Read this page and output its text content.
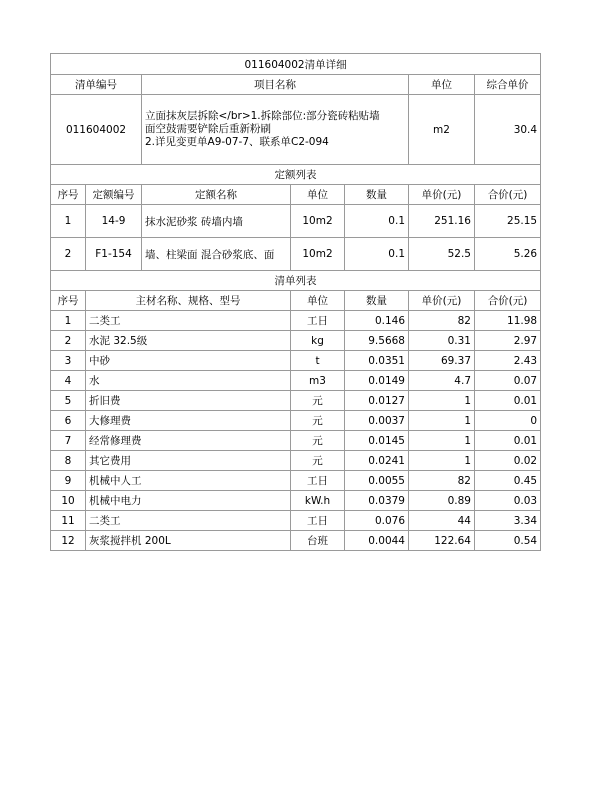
011604002清单详细						
清单编号		项目名称			单位	综合单价
011604002		立面抹灰层拆除</br>1.拆除部位:部分瓷砖粘贴墙
面空鼓需要铲除后重新粉刷
2.详见变更单A9-07-7、联系单C2-094			m2	30.4
定额列表						
序号	定额编号	定额名称	单位	数量	单价(元)	合价(元)
1	14-9	抹水泥砂浆 砖墙内墙	10m2	0.1	251.16	25.15
2	F1-154	墙、柱梁面 混合砂浆底、面	10m2	0.1	52.5	5.26
清单列表						
序号	主材名称、规格、型号		单位	数量	单价(元)	合价(元)
1	二类工		工日	0.146	82	11.98
2	水泥 32.5级		kg	9.5668	0.31	2.97
3	中砂		t	0.0351	69.37	2.43
4	水		m3	0.0149	4.7	0.07
5	折旧费		元	0.0127	1	0.01
6	大修理费		元	0.0037	1	0
7	经常修理费		元	0.0145	1	0.01
8	其它费用		元	0.0241	1	0.02
9	机械中人工		工日	0.0055	82	0.45
10	机械中电力		kW.h	0.0379	0.89	0.03
11	二类工		工日	0.076	44	3.34
12	灰浆搅拌机 200L		台班	0.0044	122.64	0.54
